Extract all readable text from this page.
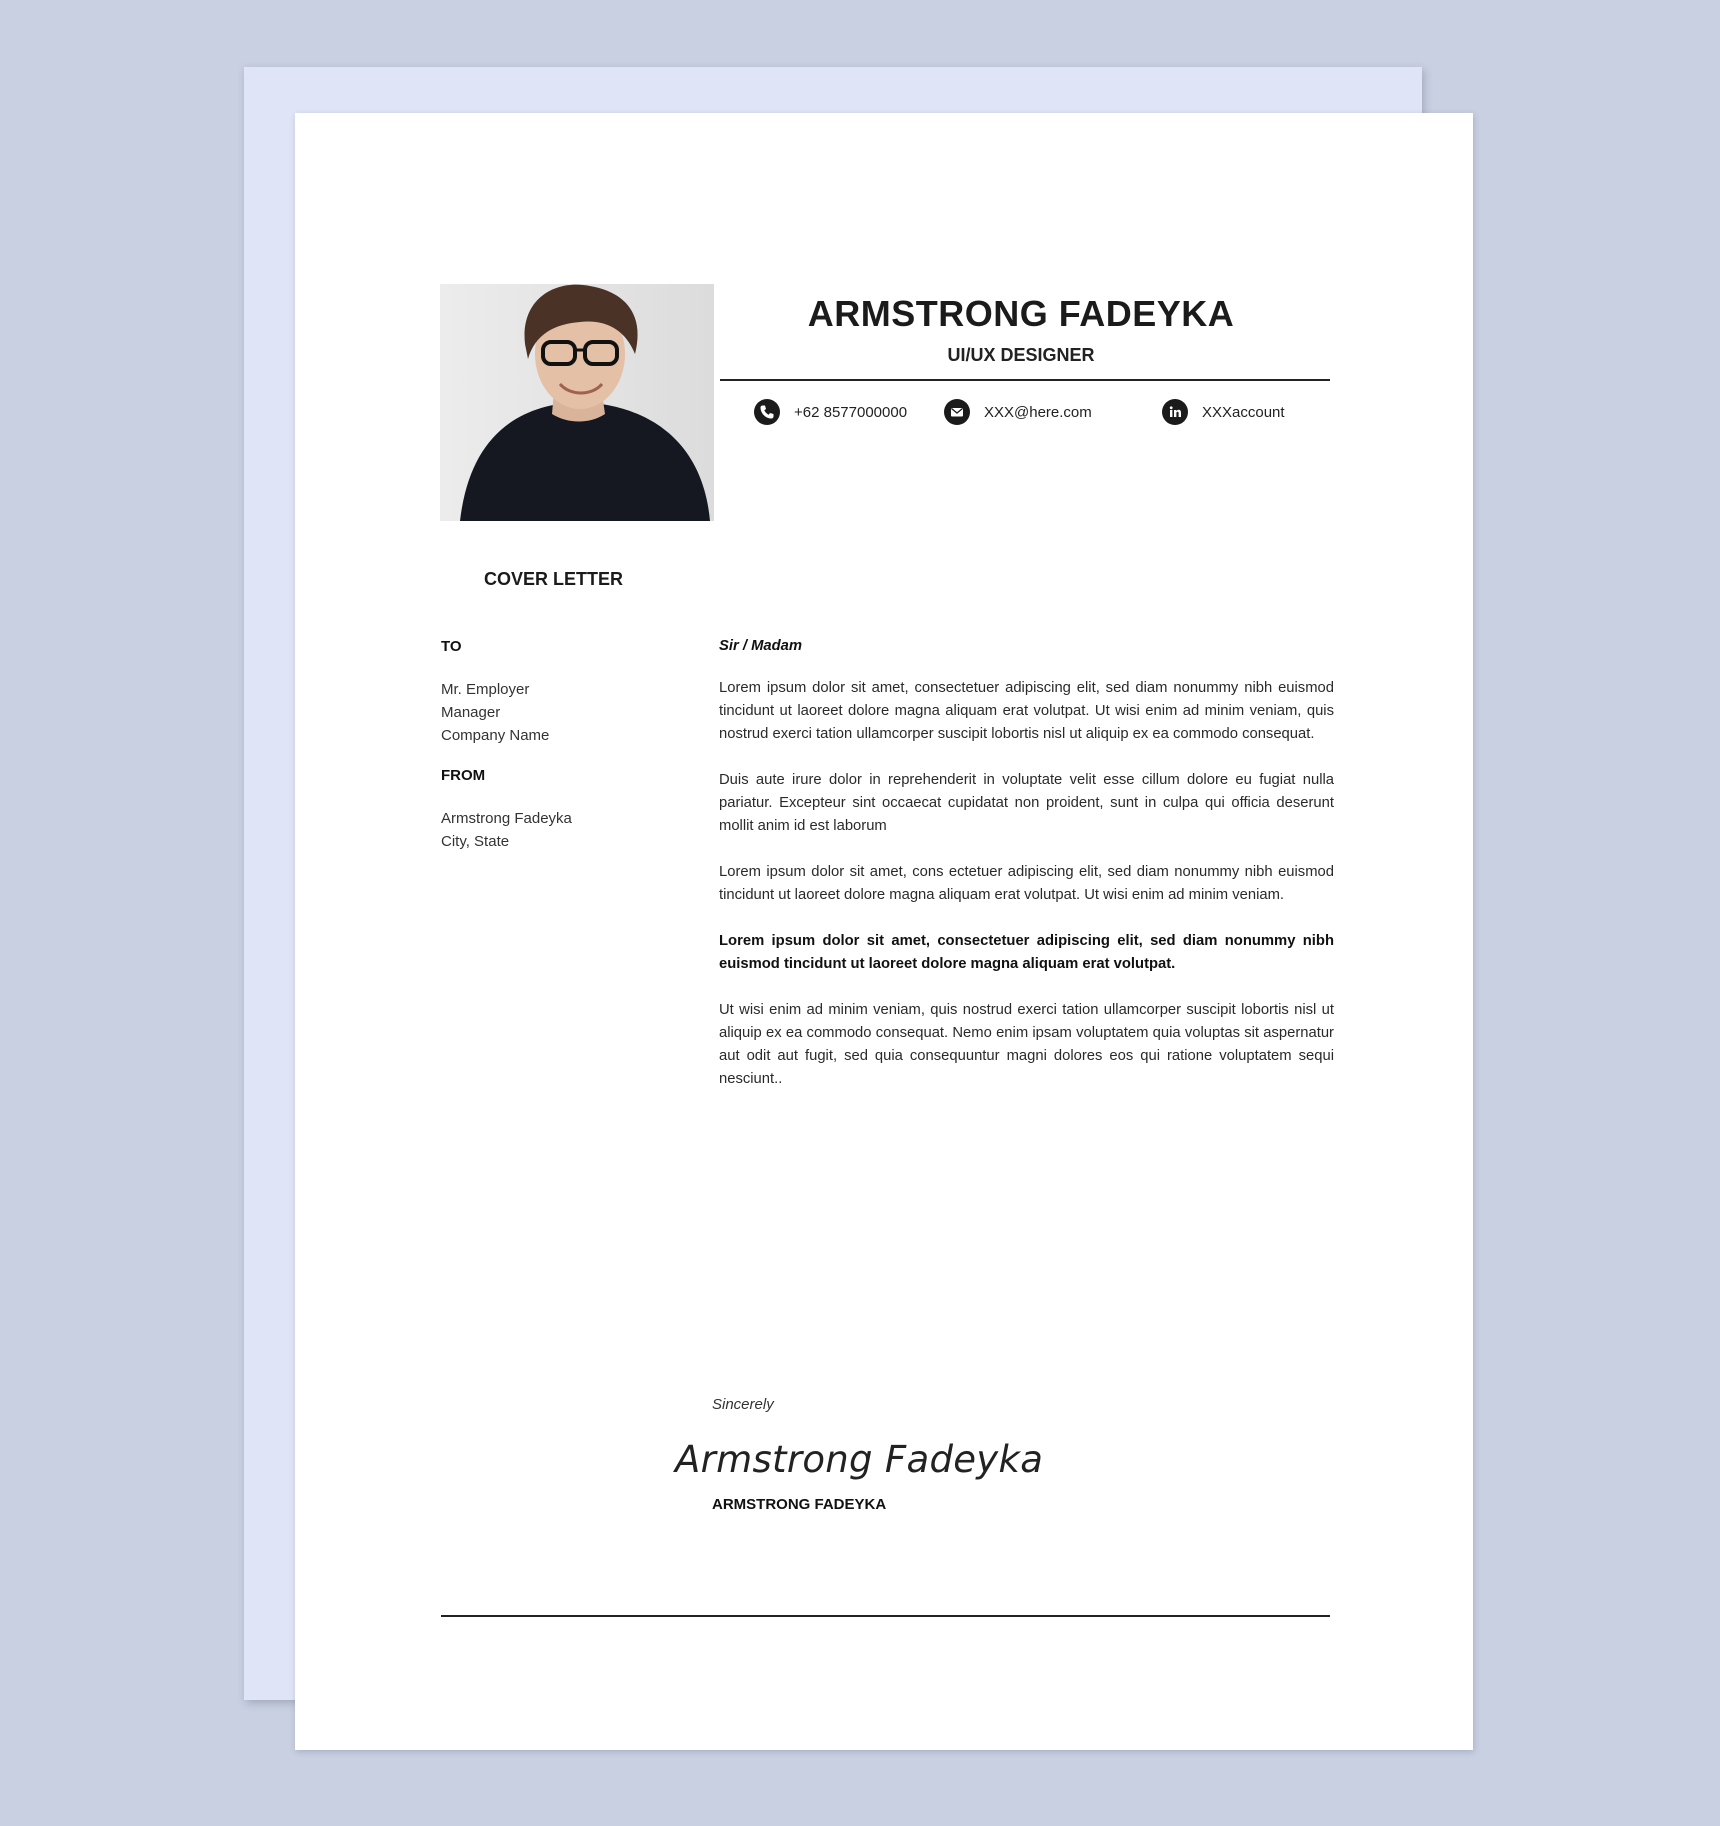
ARMSTRONG FADEYKA
UI/UX DESIGNER
+62 8577000000	XXX@here.com	XXXaccount
COVER LETTER
TO
Mr. Employer
Manager
Company Name
FROM
Armstrong Fadeyka
City, State
Sir / Madam

Lorem ipsum dolor sit amet, consectetuer adipiscing elit, sed diam nonummy nibh euismod tincidunt ut laoreet dolore magna aliquam erat volutpat. Ut wisi enim ad minim veniam, quis nostrud exerci tation ullamcorper suscipit lobortis nisl ut aliquip ex ea commodo consequat.

Duis aute irure dolor in reprehenderit in voluptate velit esse cillum dolore eu fugiat nulla pariatur. Excepteur sint occaecat cupidatat non proident, sunt in culpa qui officia deserunt mollit anim id est laborum

Lorem ipsum dolor sit amet, cons ectetuer adipiscing elit, sed diam nonummy nibh euismod tincidunt ut laoreet dolore magna aliquam erat volutpat. Ut wisi enim ad minim veniam.

Lorem ipsum dolor sit amet, consectetuer adipiscing elit, sed diam nonummy nibh euismod tincidunt ut laoreet dolore magna aliquam erat volutpat.

Ut wisi enim ad minim veniam, quis nostrud exerci tation ullamcorper suscipit lobortis nisl ut aliquip ex ea commodo consequat. Nemo enim ipsam voluptatem quia voluptas sit aspernatur aut odit aut fugit, sed quia consequuntur magni dolores eos qui ratione voluptatem sequi nesciunt..

Sincerely
Armstrong Fadeyka
ARMSTRONG FADEYKA
